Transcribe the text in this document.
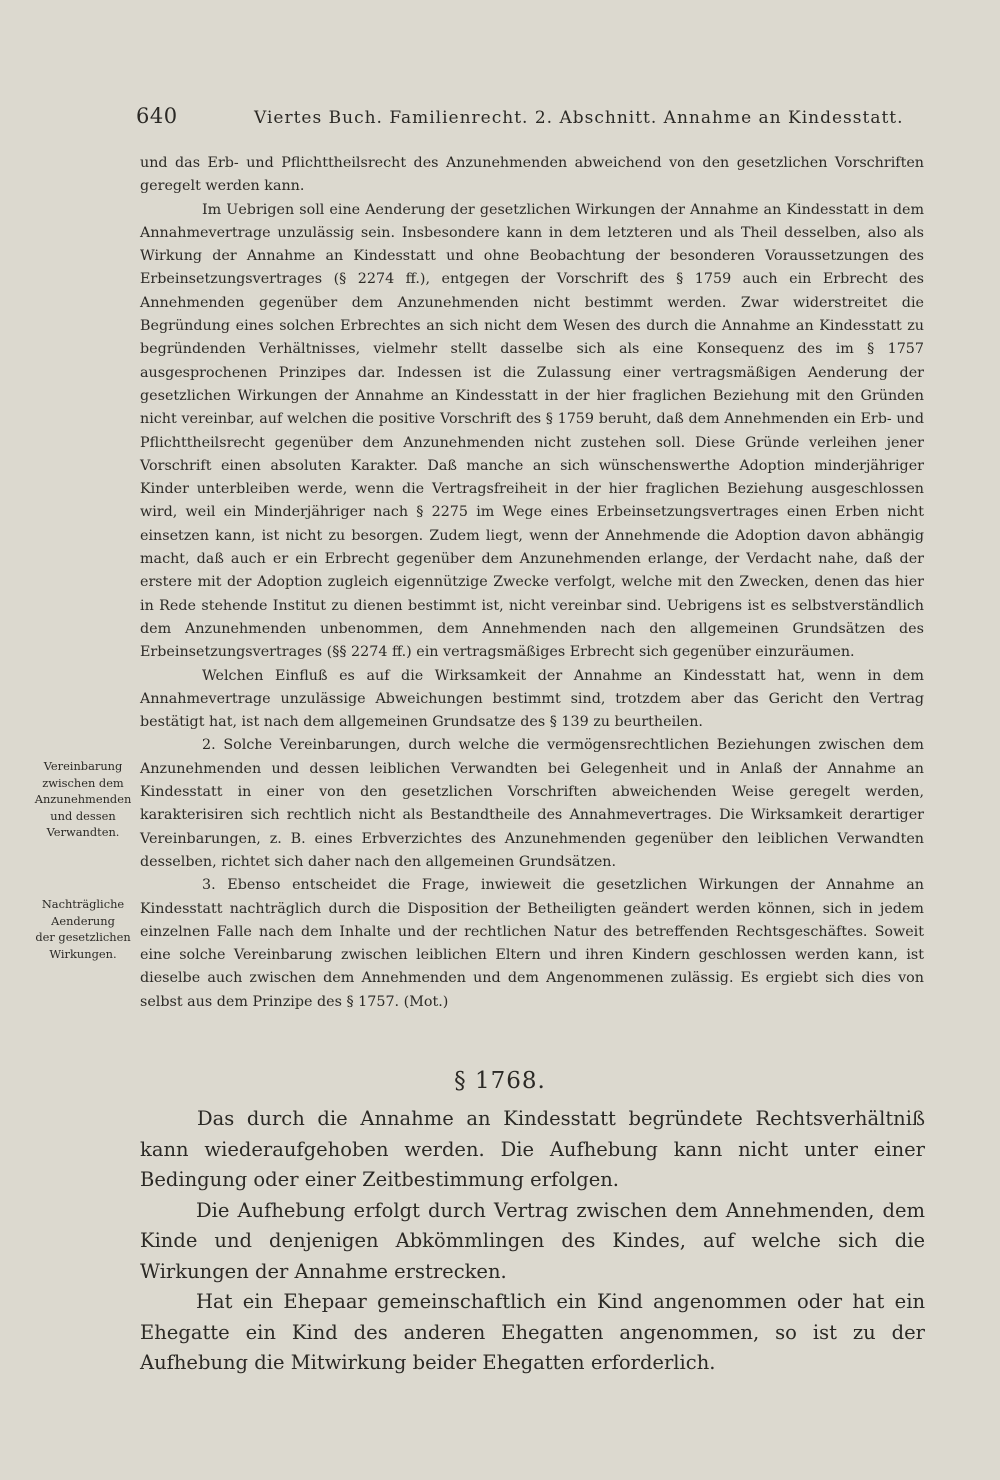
640	Viertes Buch. Familienrecht. 2. Abschnitt. Annahme an Kindesstatt.

und das Erb- und Pflichttheilsrecht des Anzunehmenden abweichend von den gesetzlichen Vorschriften geregelt werden kann.

Im Uebrigen soll eine Aenderung der gesetzlichen Wirkungen der Annahme an Kindesstatt in dem Annahmevertrage unzulässig sein. Insbesondere kann in dem letzteren und als Theil desselben, also als Wirkung der Annahme an Kindesstatt und ohne Beobachtung der besonderen Voraussetzungen des Erbeinsetzungsvertrages (§ 2274 ff.), entgegen der Vorschrift des § 1759 auch ein Erbrecht des Annehmenden gegenüber dem Anzunehmenden nicht bestimmt werden. Zwar widerstreitet die Begründung eines solchen Erbrechtes an sich nicht dem Wesen des durch die Annahme an Kindesstatt zu begründenden Verhältnisses, vielmehr stellt dasselbe sich als eine Konsequenz des im § 1757 ausgesprochenen Prinzipes dar. Indessen ist die Zulassung einer vertragsmäßigen Aenderung der gesetzlichen Wirkungen der Annahme an Kindesstatt in der hier fraglichen Beziehung mit den Gründen nicht vereinbar, auf welchen die positive Vorschrift des § 1759 beruht, daß dem Annehmenden ein Erb- und Pflichttheilsrecht gegenüber dem Anzunehmenden nicht zustehen soll. Diese Gründe verleihen jener Vorschrift einen absoluten Karakter. Daß manche an sich wünschenswerthe Adoption minderjähriger Kinder unterbleiben werde, wenn die Vertragsfreiheit in der hier fraglichen Beziehung ausgeschlossen wird, weil ein Minderjähriger nach § 2275 im Wege eines Erbeinsetzungsvertrages einen Erben nicht einsetzen kann, ist nicht zu besorgen. Zudem liegt, wenn der Annehmende die Adoption davon abhängig macht, daß auch er ein Erbrecht gegenüber dem Anzunehmenden erlange, der Verdacht nahe, daß der erstere mit der Adoption zugleich eigennützige Zwecke verfolgt, welche mit den Zwecken, denen das hier in Rede stehende Institut zu dienen bestimmt ist, nicht vereinbar sind. Uebrigens ist es selbstverständlich dem Anzunehmenden unbenommen, dem Annehmenden nach den allgemeinen Grundsätzen des Erbeinsetzungsvertrages (§§ 2274 ff.) ein vertragsmäßiges Erbrecht sich gegenüber einzuräumen.

Welchen Einfluß es auf die Wirksamkeit der Annahme an Kindesstatt hat, wenn in dem Annahmevertrage unzulässige Abweichungen bestimmt sind, trotzdem aber das Gericht den Vertrag bestätigt hat, ist nach dem allgemeinen Grundsatze des § 139 zu beurtheilen.

2. Solche Vereinbarungen, durch welche die vermögensrechtlichen Beziehungen zwischen dem Anzunehmenden und dessen leiblichen Verwandten bei Gelegenheit und in Anlaß der Annahme an Kindesstatt in einer von den gesetzlichen Vorschriften abweichenden Weise geregelt werden, karakterisiren sich rechtlich nicht als Bestandtheile des Annahmevertrages. Die Wirksamkeit derartiger Vereinbarungen, z. B. eines Erbverzichtes des Anzunehmenden gegenüber den leiblichen Verwandten desselben, richtet sich daher nach den allgemeinen Grundsätzen.

3. Ebenso entscheidet die Frage, inwieweit die gesetzlichen Wirkungen der Annahme an Kindesstatt nachträglich durch die Disposition der Betheiligten geändert werden können, sich in jedem einzelnen Falle nach dem Inhalte und der rechtlichen Natur des betreffenden Rechtsgeschäftes. Soweit eine solche Vereinbarung zwischen leiblichen Eltern und ihren Kindern geschlossen werden kann, ist dieselbe auch zwischen dem Annehmenden und dem Angenommenen zulässig. Es ergiebt sich dies von selbst aus dem Prinzipe des § 1757. (Mot.)

Vereinbarung
zwischen dem
Anzunehmenden
und dessen
Verwandten.
Nachträgliche
Aenderung
der gesetzlichen
Wirkungen.
§ 1768.

Das durch die Annahme an Kindesstatt begründete Rechtsverhältniß kann wiederaufgehoben werden. Die Aufhebung kann nicht unter einer Bedingung oder einer Zeitbestimmung erfolgen.

Die Aufhebung erfolgt durch Vertrag zwischen dem Annehmenden, dem Kinde und denjenigen Abkömmlingen des Kindes, auf welche sich die Wirkungen der Annahme erstrecken.

Hat ein Ehepaar gemeinschaftlich ein Kind angenommen oder hat ein Ehegatte ein Kind des anderen Ehegatten angenommen, so ist zu der Aufhebung die Mitwirkung beider Ehegatten erforderlich.
